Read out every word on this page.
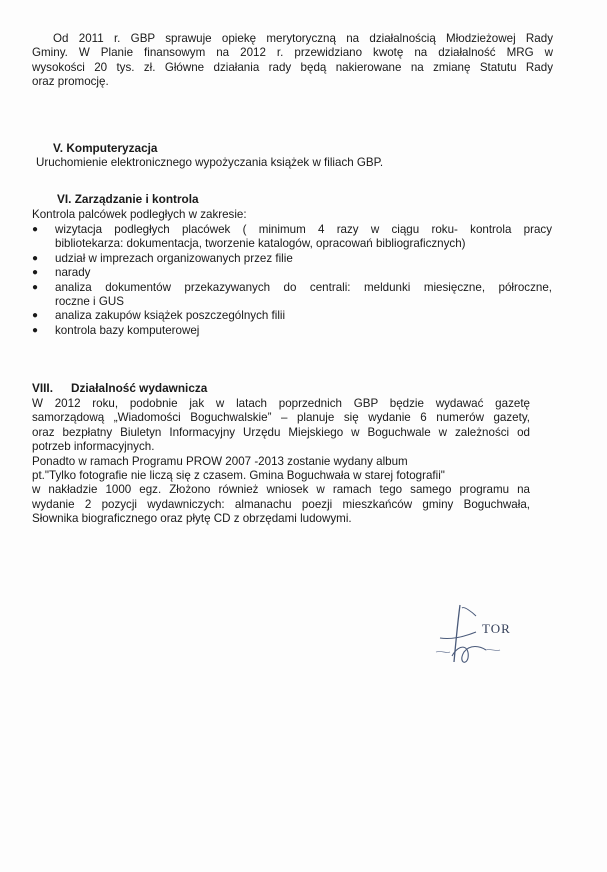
Od 2011 r. GBP sprawuje opiekę merytoryczną na działalnością Młodzieżowej Rady
Gminy. W Planie finansowym na 2012 r. przewidziano kwotę na działalność MRG w
wysokości 20 tys. zł. Główne działania rady będą nakierowane na zmianę Statutu Rady
oraz promocję.
V. Komputeryzacja
Uruchomienie elektronicznego wypożyczania książek w filiach GBP.
VI. Zarządzanie i kontrola
Kontrola palcówek podległych w zakresie:
● wizytacja podległych placówek ( minimum 4 razy w ciągu roku- kontrola pracy
bibliotekarza: dokumentacja, tworzenie katalogów, opracowań bibliograficznych)
● udział w imprezach organizowanych przez filie
● narady
● analiza dokumentów przekazywanych do centrali: meldunki miesięczne, półroczne,
roczne i GUS
● analiza zakupów książek poszczególnych filii
● kontrola bazy komputerowej
VIII. Działalność wydawnicza
W 2012 roku, podobnie jak w latach poprzednich GBP będzie wydawać gazetę
samorządową „Wiadomości Boguchwalskie” – planuje się wydanie 6 numerów gazety,
oraz bezpłatny Biuletyn Informacyjny Urzędu Miejskiego w Boguchwale w zależności od
potrzeb informacyjnych.
Ponadto w ramach Programu PROW 2007 -2013 zostanie wydany album
pt."Tylko fotografie nie liczą się z czasem. Gmina Boguchwała w starej fotografii"
w nakładzie 1000 egz. Złożono również wniosek w ramach tego samego programu na
wydanie 2 pozycji wydawniczych: almanachu poezji mieszkańców gminy Boguchwała,
Słownika biograficznego oraz płytę CD z obrzędami ludowymi.
TOR
